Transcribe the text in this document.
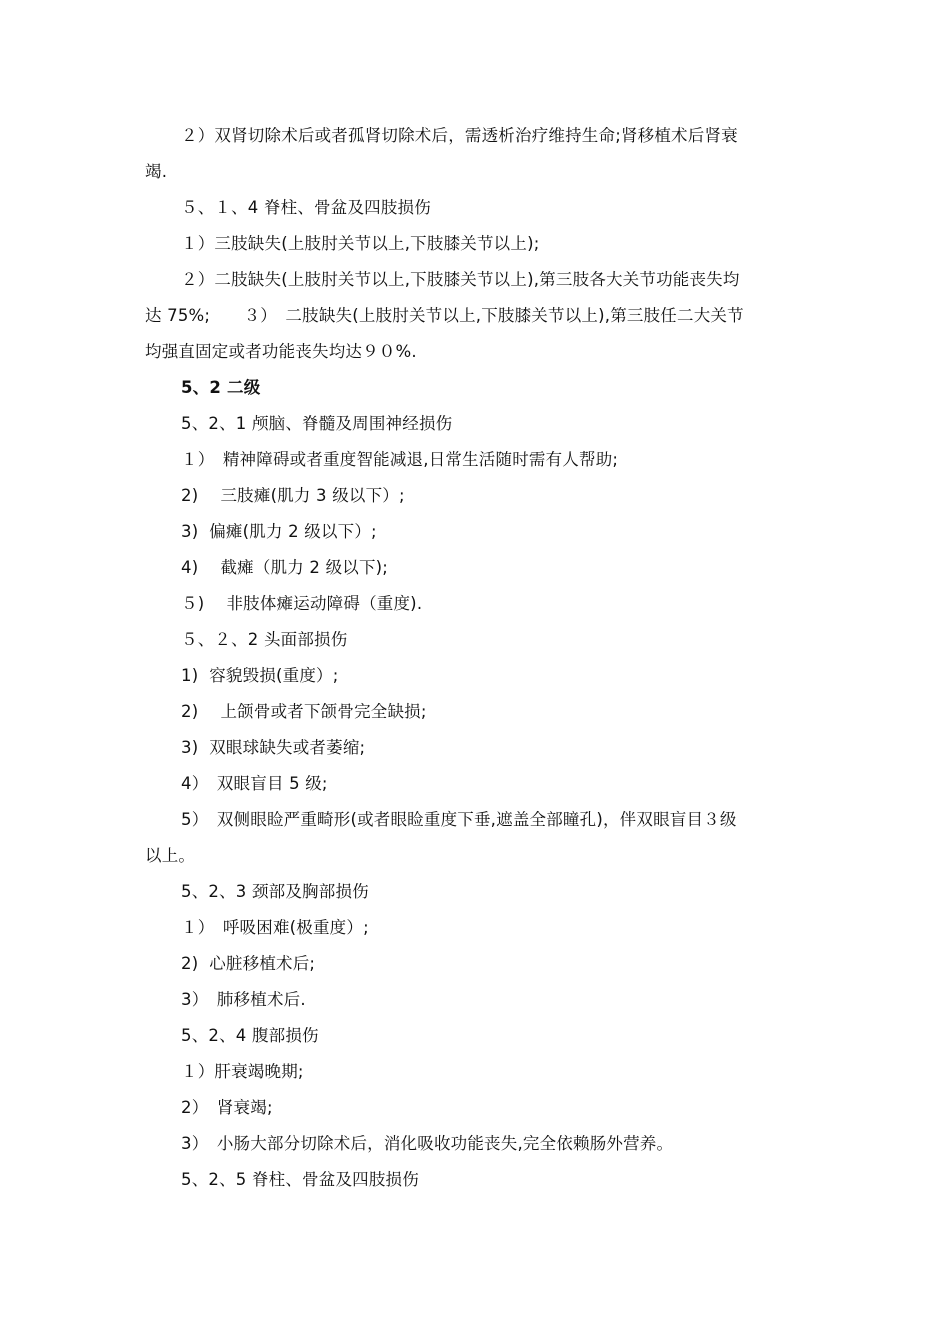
２）双肾切除术后或者孤肾切除术后，需透析治疗维持生命;肾移植术后肾衰
竭.
５、１、4 脊柱、骨盆及四肢损伤
１）三肢缺失(上肢肘关节以上,下肢膝关节以上);
２）二肢缺失(上肢肘关节以上,下肢膝关节以上),第三肢各大关节功能丧失均
达 75%;　　３）　二肢缺失(上肢肘关节以上,下肢膝关节以上),第三肢任二大关节
均强直固定或者功能丧失均达９０%.
5、2 二级
5、2、1 颅脑、脊髓及周围神经损伤
１）　精神障碍或者重度智能减退,日常生活随时需有人帮助;
2)　 三肢瘫(肌力 3 级以下）;
3)  偏瘫(肌力 2 级以下）;
4)　 截瘫（肌力 2 级以下);
５)　 非肢体瘫运动障碍（重度).
５、２、2 头面部损伤
1)  容貌毁损(重度）;
2)　 上颌骨或者下颌骨完全缺损;
3)  双眼球缺失或者萎缩;
4）　双眼盲目 5 级;
5）　双侧眼睑严重畸形(或者眼睑重度下垂,遮盖全部瞳孔)，伴双眼盲目３级
以上。
5、2、3 颈部及胸部损伤
１）　呼吸困难(极重度）;
2)  心脏移植术后;
3）　肺移植术后.
5、2、4 腹部损伤
１）肝衰竭晚期;
2）　肾衰竭;
3）　小肠大部分切除术后，消化吸收功能丧失,完全依赖肠外营养。
5、2、5 脊柱、骨盆及四肢损伤
